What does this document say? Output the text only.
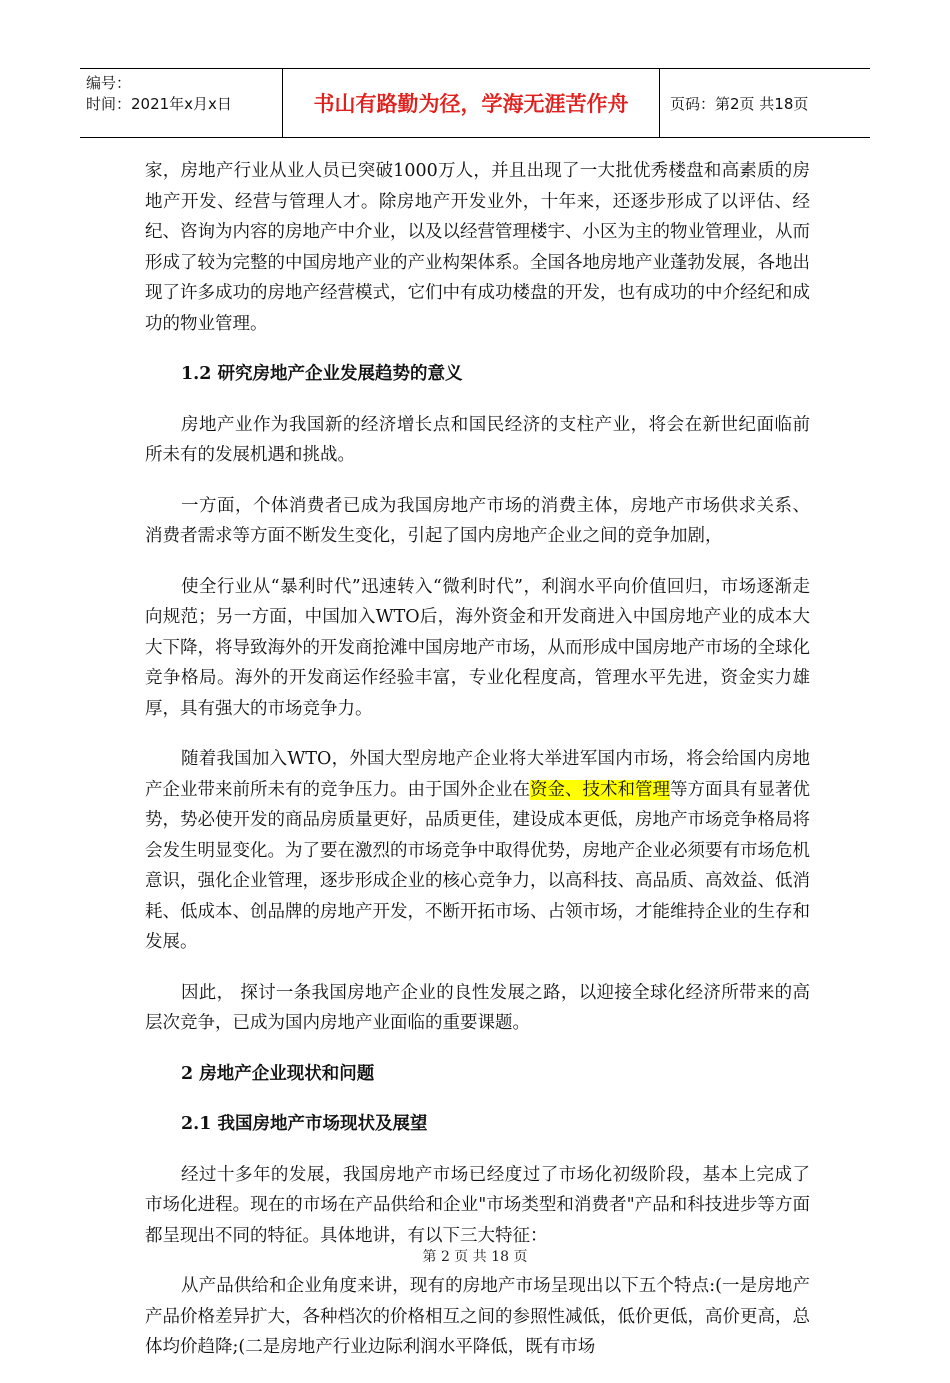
编号：
时间：2021年x月x日	书山有路勤为径，学海无涯苦作舟	页码：第2页 共18页

家，房地产行业从业人员已突破1000万人，并且出现了一大批优秀楼盘和高素质的房地产开发、经营与管理人才。除房地产开发业外，十年来，还逐步形成了以评估、经纪、咨询为内容的房地产中介业，以及以经营管理楼宇、小区为主的物业管理业，从而形成了较为完整的中国房地产业的产业构架体系。全国各地房地产业蓬勃发展，各地出现了许多成功的房地产经营模式，它们中有成功楼盘的开发，也有成功的中介经纪和成功的物业管理。

1.2 研究房地产企业发展趋势的意义

房地产业作为我国新的经济增长点和国民经济的支柱产业，将会在新世纪面临前所未有的发展机遇和挑战。

一方面，个体消费者已成为我国房地产市场的消费主体，房地产市场供求关系、消费者需求等方面不断发生变化，引起了国内房地产企业之间的竞争加剧，

使全行业从“暴利时代”迅速转入“微利时代”，利润水平向价值回归，市场逐渐走向规范；另一方面，中国加入WTO后，海外资金和开发商进入中国房地产业的成本大大下降，将导致海外的开发商抢滩中国房地产市场，从而形成中国房地产市场的全球化竞争格局。海外的开发商运作经验丰富，专业化程度高，管理水平先进，资金实力雄厚，具有强大的市场竞争力。

随着我国加入WTO，外国大型房地产企业将大举进军国内市场，将会给国内房地产企业带来前所未有的竞争压力。由于国外企业在资金、技术和管理等方面具有显著优势，势必使开发的商品房质量更好，品质更佳，建设成本更低，房地产市场竞争格局将会发生明显变化。为了要在激烈的市场竞争中取得优势，房地产企业必须要有市场危机意识，强化企业管理，逐步形成企业的核心竞争力，以高科技、高品质、高效益、低消耗、低成本、创品牌的房地产开发，不断开拓市场、占领市场，才能维持企业的生存和发展。

因此， 探讨一条我国房地产企业的良性发展之路，以迎接全球化经济所带来的高层次竞争，已成为国内房地产业面临的重要课题。

2 房地产企业现状和问题
2.1 我国房地产市场现状及展望

经过十多年的发展，我国房地产市场已经度过了市场化初级阶段，基本上完成了市场化进程。现在的市场在产品供给和企业"市场类型和消费者"产品和科技进步等方面都呈现出不同的特征。具体地讲，有以下三大特征：

从产品供给和企业角度来讲，现有的房地产市场呈现出以下五个特点:(一是房地产产品价格差异扩大，各种档次的价格相互之间的参照性减低，低价更低，高价更高，总体均价趋降;(二是房地产行业边际利润水平降低，既有市场

第 2 页 共 18 页
